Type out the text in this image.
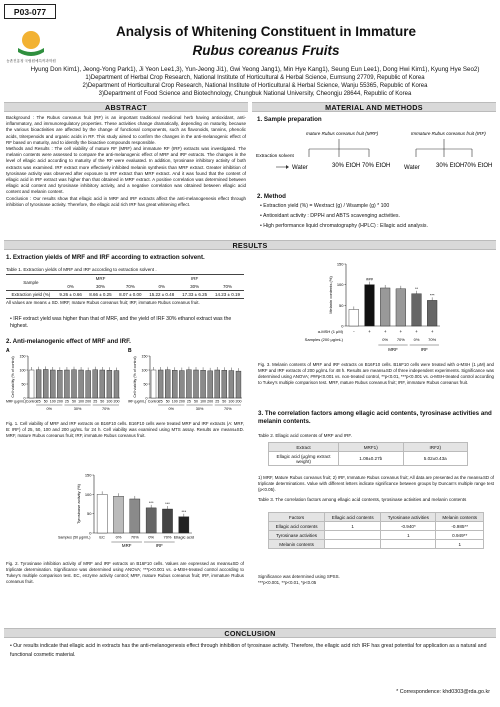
P03-077
농촌진흥청 국립원예특작과학원
Analysis of Whitening Constituent in Immature
Rubus coreanus Fruits
Hyung Don Kim1), Jeong-Yong Park1), Ji Yeon Lee1,3), Yun-Jeong Ji1), Gwi Yeong Jang1), Min Hye Kang1), Seung Eun Lee1), Dong Hwi Kim1), Kyung Hye Seo2)
1)Department of Herbal Crop Research, National Institute of Horticultural & Herbal Science, Eumsung 27709, Republic of Korea
2)Department of Horticultural Crop Research, National Institute of Horticultural & Herbal Science, Wanju 55365, Republic of Korea
3)Department of Food Science and Biotechnology, Chungbuk National University, Cheongju 28644, Republic of Korea
ABSTRACT

Background : The Rubus coreanus fruit (RF) is an important traditional medicinal herb having antioxidant, anti-inflammatory, and immunoregulatory properties. These activities change dramatically, depending on maturity, because the various bioactivities are affected by the change of functional components, such as flavonoids, tannins, phenolic acids, triterpenoids and organic acids in RF. This study aimed to confirm the changes in the anti-melanogenic effect of RF based on maturity, and to identify the bioactive compounds responsible.

Methods and Results : The cell viability of mature RF (MRF) and immature RF (IRF) extracts was investigated. The melanin contents were assessed to compare the anti-melanogenic effect of MRF and IRF extracts. The changes in the level of ellagic acid according to maturity of the RF were evaluated. In addition, tyrosinase inhibitory activity of both extracts was examined. IRF extract more effectively inhibited melanin synthesis than MRF extract. Greater inhibition of tyrosinase activity was observed after exposure to IRF extract than MRF extract. And it was found that the content of ellagic acid in IRF extract was higher than that obtained in MRF extract. A positive correlation was determined between ellagic acid content and tyrosinase inhibitory activity, and a negative correlation was obtained between ellagic acid content and melanin content.

Conclusion : Our results show that ellagic acid in MRF and IRF extracts affect the anti-melanogenesis effect through inhibition of tyrosinase activity. Therefore, the ellagic acid rich IRF has great whitening effect.

MATERIAL AND METHODS
1. Sample preparation
mature Rubus coreanus fruit (MRF)	Immature Rubus coreanus fruit (IRF)
Extraction solvent
Water	30% EtOH 70% EtOH Water	30% EtOH 70% EtOH
2. Method
• Extraction yield (%) = Wextract (g) / Wsample (g) * 100
• Antioxidant activity : DPPH and ABTS scavenging activities.
• High performance liquid chromatography (HPLC) : Ellagic acid analysis.
RESULTS
1. Extraction yields of MRF and IRF according to extraction solvent.
Table 1. Extraction yields of MRF and IRF according to extraction solvent .
Sample	MRF			IRF		
	0%	30%	70%	0%	30%	70%
Extraction yield (%)	9.26 ± 0.66	8.66 ± 0.25	8.07 ± 0.00	15.22 ± 0.48	17.33 ± 6.25	14.23 ± 0.19
All values are means ± SD. MRF, mature Rubus coreanus fruit; IRF, immature Rubus coreanus fruit.
• IRF extract yield was higher than that of MRF, and the yield of IRF 30% ethanol extract was the highest.
2. Anti-melanogenic effect of MRF and IRF.
0
50
100
150
Cell viability (% of control)
Control 25 50 100 200 25 50 100 200 25 50 100 200
A
MRF (μg/mL)
0%	30%	70%
0
50
100
150
Cell viability (% of control)
Control 25 50 100 200 25 50 100 200 25 50 100 200
B
IRF (μg/mL)
0%	30%	70%
Fig. 1. Cell viability of MRF and IRF extracts on B16F10 cells. B16F10 cells were treated MRF and IRF extracts (A: MRF, B: IRF) of 25, 50, 100 and 200 μg/mL for 24 h. Cell viability was examined using MTS assay. Results are means±SD. MRF, mature Rubus coreanus fruit; IRF, immature Rubus coreanus fruit.
0
50
100
150
Tyrosinase activity (%)
EC	0% 70%
***
0%
***
70%
***
Ellagic acid
Samples (50 μg/mL)
MRF	IRF
Fig. 2. Tyrosinase inhibition activity of MRF and IRF extracts on B16F10 cells. Values are expressed as means±SD of triplicate determination. Significance was determined using ANOVA; ***p<0.001 vs. α-MSH-treated control according to Tukey's multiple comparison test. EC, enzyme activity control; MRF, mature Rubus coreanus fruit; IRF, immature Rubus coreanus fruit.
0
50
100
150
Melanin contents (%)	###
0% 70%
**
0%
***
70%
α-MSH (1 μM) -	+	+	+	+	+
Samples (200 μg/mL)
MRF	IRF
Fig. 3. Melanin contents of MRF and IRF extracts on B16F10 cells. B16F10 cells were treated with α-MSH (1 μM) and MRF and IRF extracts of 200 μg/mL for 48 h. Results are means±SD of three independent experiments. Significance was determined using ANOVA; ###p<0.001 vs. non-treated control, **p<0.01, ***p<0.001 vs. α-MSH-treated control according to Tukey's multiple comparison test. MRF, mature Rubus coreanus fruit; IRF, immature Rubus coreanus fruit.
3. The correlation factors among ellagic acid contents, tyrosinase activities and melanin contents.
Table 2. Ellagic acid contents of MRF and IRF.
Extract	MRF1)	IRF2)
Ellagic acid (μg/mg extract weight)	1.08±0.27b	5.02±0.43a
1) MRF, Mature Rubus coreanus fruit; 2) IRF, Immature Rubus coreanus fruit; All data are presented as the means±SD of triplicate determinations. Value with different letters indicate significance between groups by Duncan's multiple range test (p<0.05).
Table 3. The correlation factors among ellagic acid contents, tyrosinase activities and melanin contents
Factors	Ellagic acid contents	Tyrosinase activities	Melanin contents
Ellagic acid contents	1	-0.940*	-0.985**
Tyrosinase activities		1	0.949**
Melanin contents			1
Significance was determined using SPSS.
***p<0.001, **p<0.01, *p<0.05
CONCLUSION
• Our results indicate that ellagic acid in extracts has the anti-melanogenesis effect through inhibition of tyrosinase activity. Therefore, the ellagic acid rich IRF has great potential for application as a natural and functional cosmetic material.
* Correspondence: khd0303@rda.go.kr
